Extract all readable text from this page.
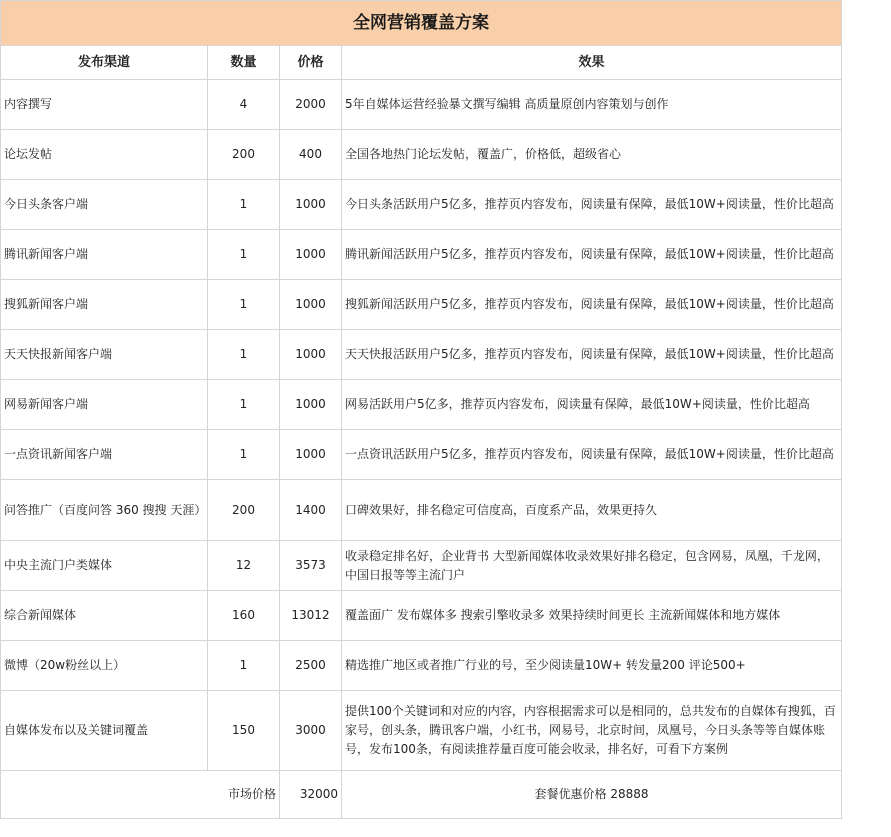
全网营销覆盖方案			
发布渠道	数量	价格	效果
内容撰写	4	2000	5年自媒体运营经验暴文撰写编辑 高质量原创内容策划与创作
论坛发帖	200	400	全国各地热门论坛发帖，覆盖广，价格低，超级省心
今日头条客户端	1	1000	今日头条活跃用户5亿多，推荐页内容发布，阅读量有保障，最低10W+阅读量，性价比超高
腾讯新闻客户端	1	1000	腾讯新闻活跃用户5亿多，推荐页内容发布，阅读量有保障，最低10W+阅读量，性价比超高
搜狐新闻客户端	1	1000	搜狐新闻活跃用户5亿多，推荐页内容发布，阅读量有保障，最低10W+阅读量，性价比超高
天天快报新闻客户端	1	1000	天天快报活跃用户5亿多，推荐页内容发布，阅读量有保障，最低10W+阅读量，性价比超高
网易新闻客户端	1	1000	网易活跃用户5亿多，推荐页内容发布，阅读量有保障，最低10W+阅读量，性价比超高
一点资讯新闻客户端	1	1000	一点资讯活跃用户5亿多，推荐页内容发布，阅读量有保障，最低10W+阅读量，性价比超高
问答推广（百度问答 360 搜搜 天涯）	200	1400	口碑效果好，排名稳定可信度高，百度系产品，效果更持久
中央主流门户类媒体	12	3573	收录稳定排名好，企业背书 大型新闻媒体收录效果好排名稳定，包含网易，凤凰，千龙网，中国日报等等主流门户
综合新闻媒体	160	13012	覆盖面广 发布媒体多 搜索引擎收录多 效果持续时间更长 主流新闻媒体和地方媒体
微博（20w粉丝以上）	1	2500	精选推广地区或者推广行业的号，至少阅读量10W+ 转发量200 评论500+
自媒体发布以及关键词覆盖	150	3000	提供100个关键词和对应的内容，内容根据需求可以是相同的，总共发布的自媒体有搜狐，百家号，创头条，腾讯客户端，小红书，网易号，北京时间，凤凰号，今日头条等等自媒体账号，发布100条，有阅读推荐量百度可能会收录，排名好，可看下方案例
市场价格		32000	套餐优惠价格 28888
